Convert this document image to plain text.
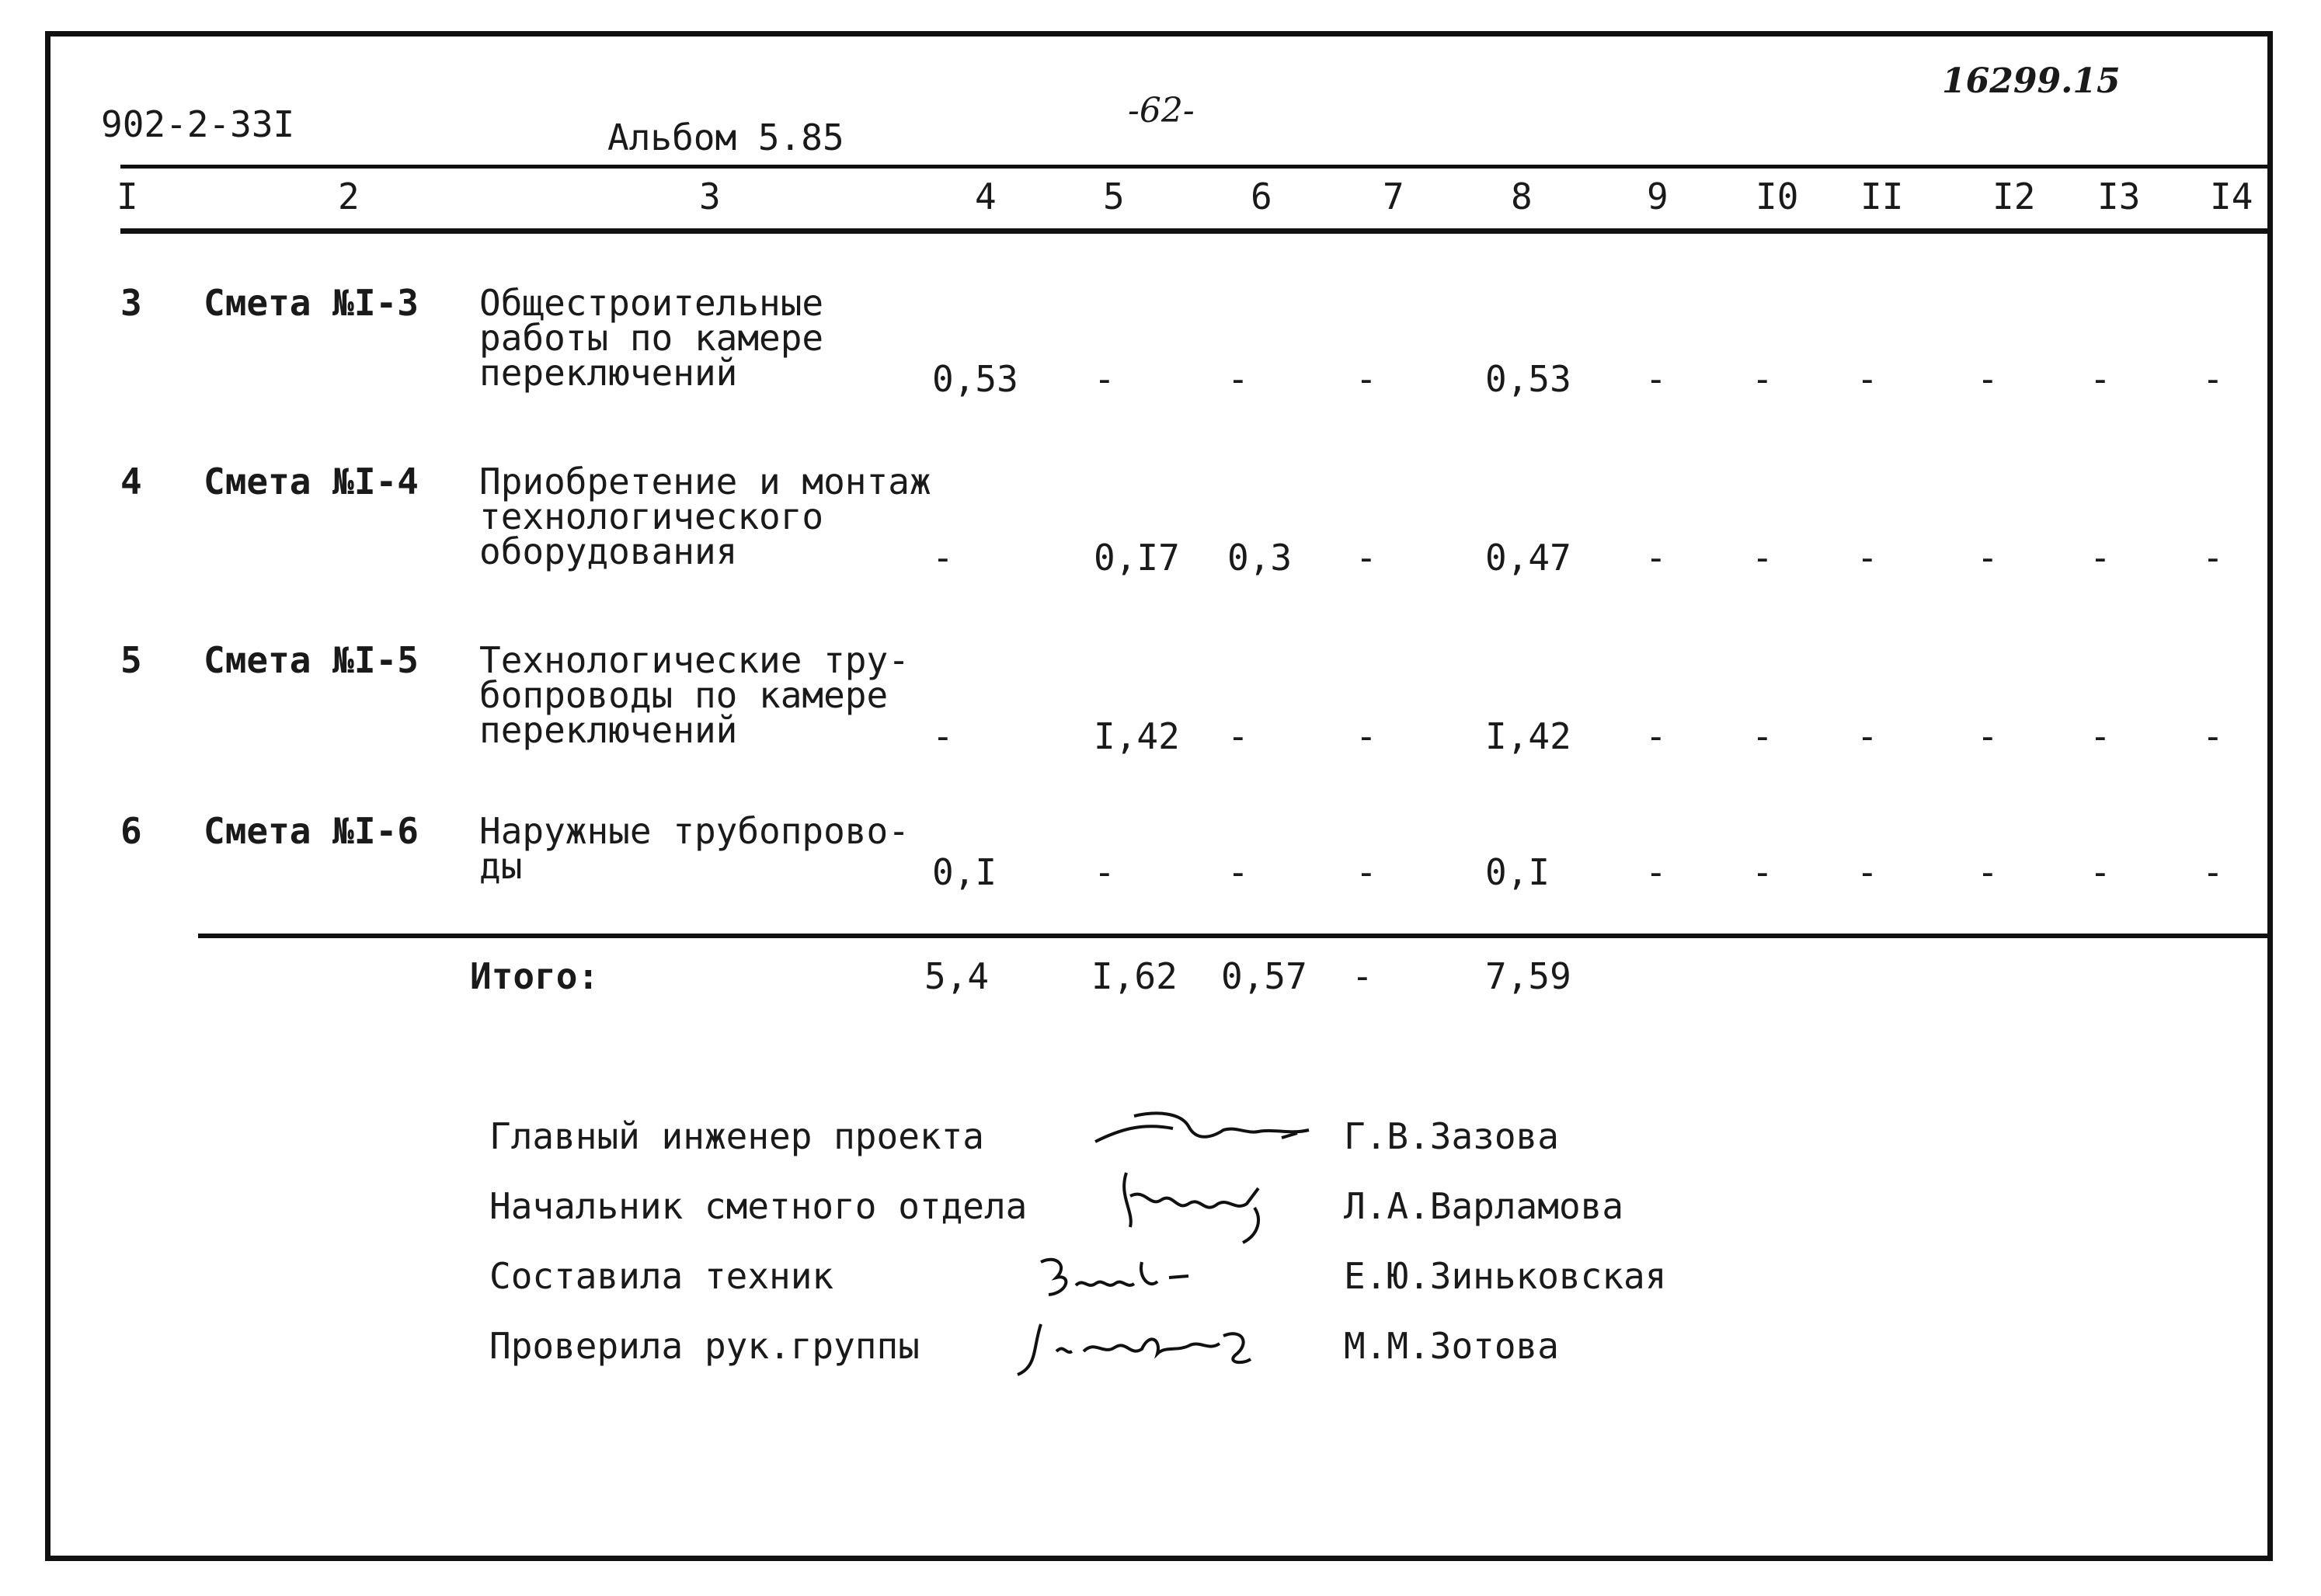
902-2-33I	Альбом 5.85
-62-
16299.15
I	2	3	4	5	6	7	8	9 I0 II I2 I3 I4
3 Смета №I-3 Общестроительные
работы по камере
переключений	0,53 -	-	-	0,53 - - -	-	-	-
4 Смета №I-4 Приобретение и монтаж
технологического
оборудования	-	0,I7 0,3 -	0,47 - - -	-	-	-
5 Смета №I-5 Технологические тру-
бопроводы по камере
переключений	-	I,42 -	-	I,42 - - -	-	-	-
6 Смета №I-6 Наружные трубопрово-
ды	0,I	-	-	-	0,I	- - -	-	-	-
Итого:	5,4	I,62 0,57 -	7,59
Главный инженер проекта	Г.В.Зазова
Начальник сметного отдела	Л.А.Варламова
Составила техник	Е.Ю.Зиньковская
Проверила рук.группы	М.М.Зотова
